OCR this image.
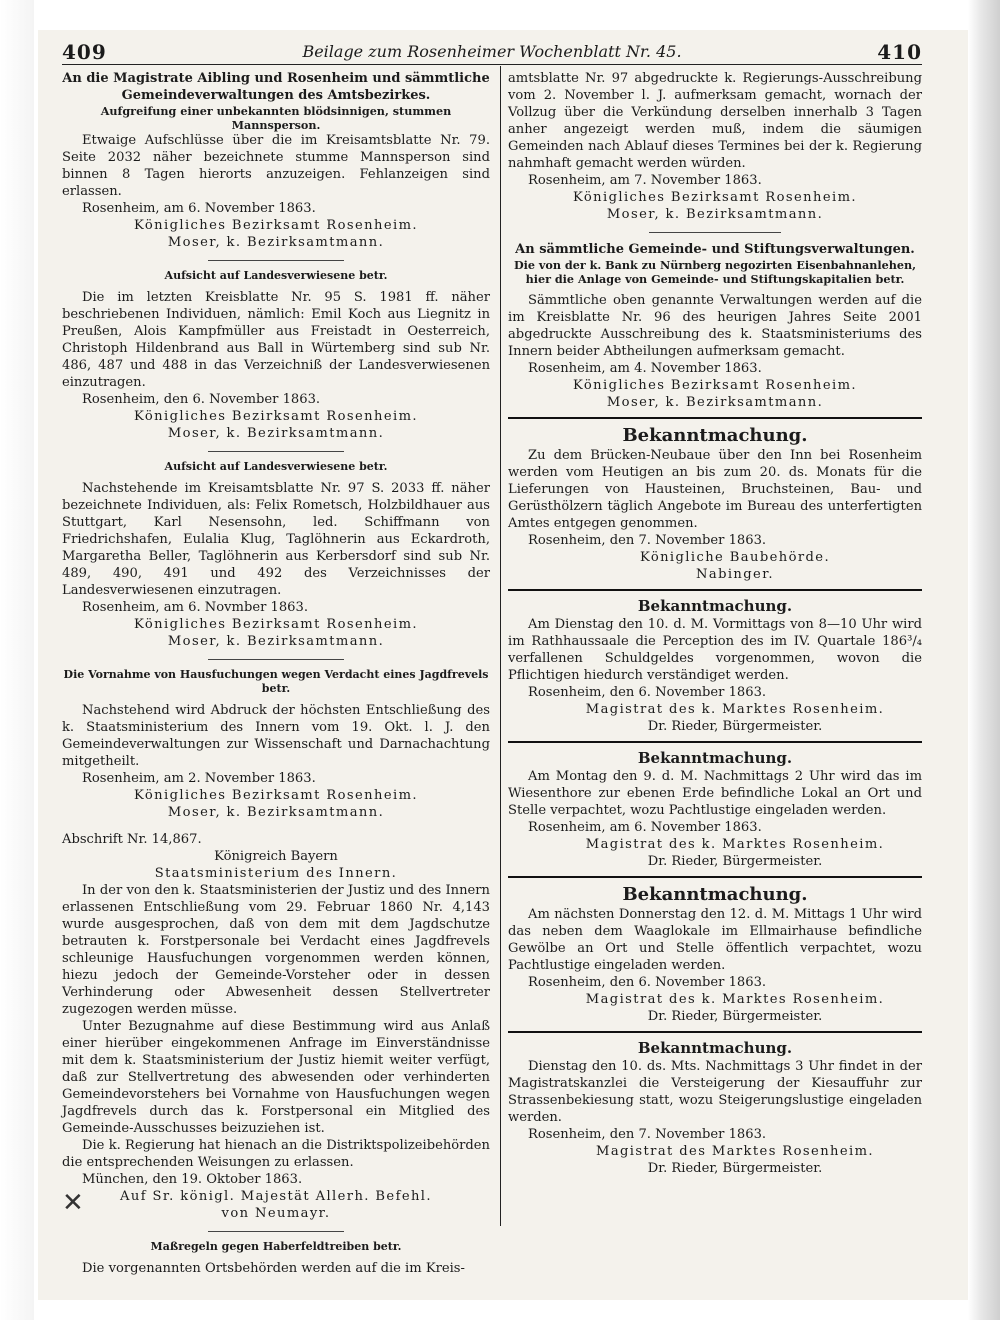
409	Beilage zum Rosenheimer Wochenblatt Nr. 45.	410

An die Magistrate Aibling und Rosenheim und sämmtliche Gemeindeverwaltungen des Amtsbezirkes.

Aufgreifung einer unbekannten blödsinnigen, stummen Mannsperson.

Etwaige Aufschlüsse über die im Kreisamtsblatte Nr. 79. Seite 2032 näher bezeichnete stumme Mannsperson sind binnen 8 Tagen hierorts anzuzeigen. Fehlanzeigen sind erlassen.

Rosenheim, am 6. November 1863.

Königliches Bezirksamt Rosenheim.

Moser, k. Bezirksamtmann.

Aufsicht auf Landesverwiesene betr.

Die im letzten Kreisblatte Nr. 95 S. 1981 ff. näher beschriebenen Individuen, nämlich: Emil Koch aus Liegnitz in Preußen, Alois Kampfmüller aus Freistadt in Oesterreich, Christoph Hildenbrand aus Ball in Würtemberg sind sub Nr. 486, 487 und 488 in das Verzeichniß der Landesverwiesenen einzutragen.

Rosenheim, den 6. November 1863.

Königliches Bezirksamt Rosenheim.

Moser, k. Bezirksamtmann.

Aufsicht auf Landesverwiesene betr.

Nachstehende im Kreisamtsblatte Nr. 97 S. 2033 ff. näher bezeichnete Individuen, als: Felix Rometsch, Holzbildhauer aus Stuttgart, Karl Nesensohn, led. Schiffmann von Friedrichshafen, Eulalia Klug, Taglöhnerin aus Eckardroth, Margaretha Beller, Taglöhnerin aus Kerbersdorf sind sub Nr. 489, 490, 491 und 492 des Verzeichnisses der Landesverwiesenen einzutragen.

Rosenheim, am 6. Novmber 1863.

Königliches Bezirksamt Rosenheim.

Moser, k. Bezirksamtmann.

Die Vornahme von Hausfuchungen wegen Verdacht eines Jagdfrevels betr.

Nachstehend wird Abdruck der höchsten Entschließung des k. Staatsministerium des Innern vom 19. Okt. l. J. den Gemeindeverwaltungen zur Wissenschaft und Darnachachtung mitgetheilt.

Rosenheim, am 2. November 1863.

Königliches Bezirksamt Rosenheim.

Moser, k. Bezirksamtmann.

Abschrift Nr. 14,867.

Königreich Bayern

Staatsministerium des Innern.

In der von den k. Staatsministerien der Justiz und des Innern erlassenen Entschließung vom 29. Februar 1860 Nr. 4,143 wurde ausgesprochen, daß von dem mit dem Jagdschutze betrauten k. Forstpersonale bei Verdacht eines Jagdfrevels schleunige Hausfuchungen vorgenommen werden können, hiezu jedoch der Gemeinde-Vorsteher oder in dessen Verhinderung oder Abwesenheit dessen Stellvertreter zugezogen werden müsse.

Unter Bezugnahme auf diese Bestimmung wird aus Anlaß einer hierüber eingekommenen Anfrage im Einverständnisse mit dem k. Staatsministerium der Justiz hiemit weiter verfügt, daß zur Stellvertretung des abwesenden oder verhinderten Gemeindevorstehers bei Vornahme von Hausfuchungen wegen Jagdfrevels durch das k. Forstpersonal ein Mitglied des Gemeinde-Ausschusses beizuziehen ist.

Die k. Regierung hat hienach an die Distriktspolizeibehörden die entsprechenden Weisungen zu erlassen.

München, den 19. Oktober 1863.

Auf Sr. königl. Majestät Allerh. Befehl.

von Neumayr.

Maßregeln gegen Haberfeldtreiben betr.

Die vorgenannten Ortsbehörden werden auf die im Kreis-

✕

amtsblatte Nr. 97 abgedruckte k. Regierungs-Ausschreibung vom 2. November l. J. aufmerksam gemacht, wornach der Vollzug über die Verkündung derselben innerhalb 3 Tagen anher angezeigt werden muß, indem die säumigen Gemeinden nach Ablauf dieses Termines bei der k. Regierung nahmhaft gemacht werden würden.

Rosenheim, am 7. November 1863.

Königliches Bezirksamt Rosenheim.

Moser, k. Bezirksamtmann.

An sämmtliche Gemeinde- und Stiftungsverwaltungen.

Die von der k. Bank zu Nürnberg negozirten Eisenbahnanlehen, hier die Anlage von Gemeinde- und Stiftungskapitalien betr.

Sämmtliche oben genannte Verwaltungen werden auf die im Kreisblatte Nr. 96 des heurigen Jahres Seite 2001 abgedruckte Ausschreibung des k. Staatsministeriums des Innern beider Abtheilungen aufmerksam gemacht.

Rosenheim, am 4. November 1863.

Königliches Bezirksamt Rosenheim.

Moser, k. Bezirksamtmann.

Bekanntmachung.

Zu dem Brücken-Neubaue über den Inn bei Rosenheim werden vom Heutigen an bis zum 20. ds. Monats für die Lieferungen von Hausteinen, Bruchsteinen, Bau- und Gerüsthölzern täglich Angebote im Bureau des unterfertigten Amtes entgegen genommen.

Rosenheim, den 7. November 1863.

Königliche Baubehörde.

Nabinger.

Bekanntmachung.

Am Dienstag den 10. d. M. Vormittags von 8—10 Uhr wird im Rathhaussaale die Perception des im IV. Quartale 186³/₄ verfallenen Schuldgeldes vorgenommen, wovon die Pflichtigen hiedurch verständiget werden.

Rosenheim, den 6. November 1863.

Magistrat des k. Marktes Rosenheim.

Dr. Rieder, Bürgermeister.

Bekanntmachung.

Am Montag den 9. d. M. Nachmittags 2 Uhr wird das im Wiesenthore zur ebenen Erde befindliche Lokal an Ort und Stelle verpachtet, wozu Pachtlustige eingeladen werden.

Rosenheim, am 6. November 1863.

Magistrat des k. Marktes Rosenheim.

Dr. Rieder, Bürgermeister.

Bekanntmachung.

Am nächsten Donnerstag den 12. d. M. Mittags 1 Uhr wird das neben dem Waaglokale im Ellmairhause befindliche Gewölbe an Ort und Stelle öffentlich verpachtet, wozu Pachtlustige eingeladen werden.

Rosenheim, den 6. November 1863.

Magistrat des k. Marktes Rosenheim.

Dr. Rieder, Bürgermeister.

Bekanntmachung.

Dienstag den 10. ds. Mts. Nachmittags 3 Uhr findet in der Magistratskanzlei die Versteigerung der Kiesauffuhr zur Strassenbekiesung statt, wozu Steigerungslustige eingeladen werden.

Rosenheim, den 7. November 1863.

Magistrat des Marktes Rosenheim.

Dr. Rieder, Bürgermeister.
